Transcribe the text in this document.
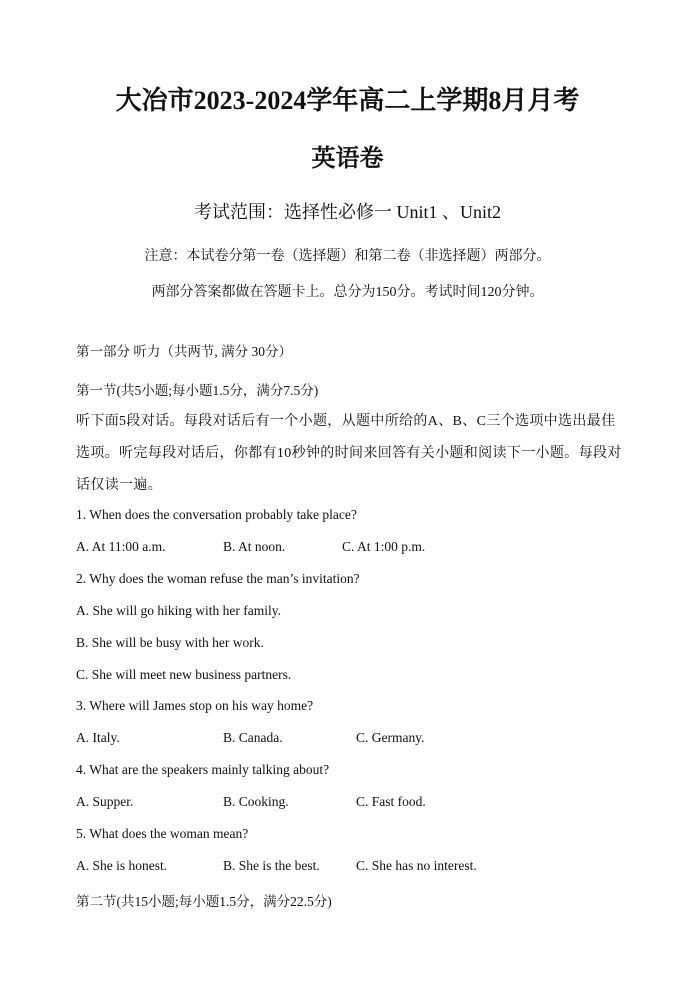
大冶市2023-2024学年高二上学期8月月考
英语卷
考试范围：选择性必修一 Unit1 、Unit2
注意：本试卷分第一卷（选择题）和第二卷（非选择题）两部分。
两部分答案都做在答题卡上。总分为150分。考试时间120分钟。
第一部分 听力（共两节, 满分 30分）
第一节(共5小题;每小题1.5分，满分7.5分)
听下面5段对话。每段对话后有一个小题，从题中所给的A、B、C三个选项中选出最佳
选项。听完每段对话后，你都有10秒钟的时间来回答有关小题和阅读下一小题。每段对
话仅读一遍。
1. When does the conversation probably take place?
A. At 11:00 a.m.	B. At noon.	C. At 1:00 p.m.
2. Why does the woman refuse the man’s invitation?
A. She will go hiking with her family.
B. She will be busy with her work.
C. She will meet new business partners.
3. Where will James stop on his way home?
A. Italy.	B. Canada.	C. Germany.
4. What are the speakers mainly talking about?
A. Supper.	B. Cooking.	C. Fast food.
5. What does the woman mean?
A. She is honest.	B. She is the best.	C. She has no interest.
第二节(共15小题;每小题1.5分，满分22.5分)
